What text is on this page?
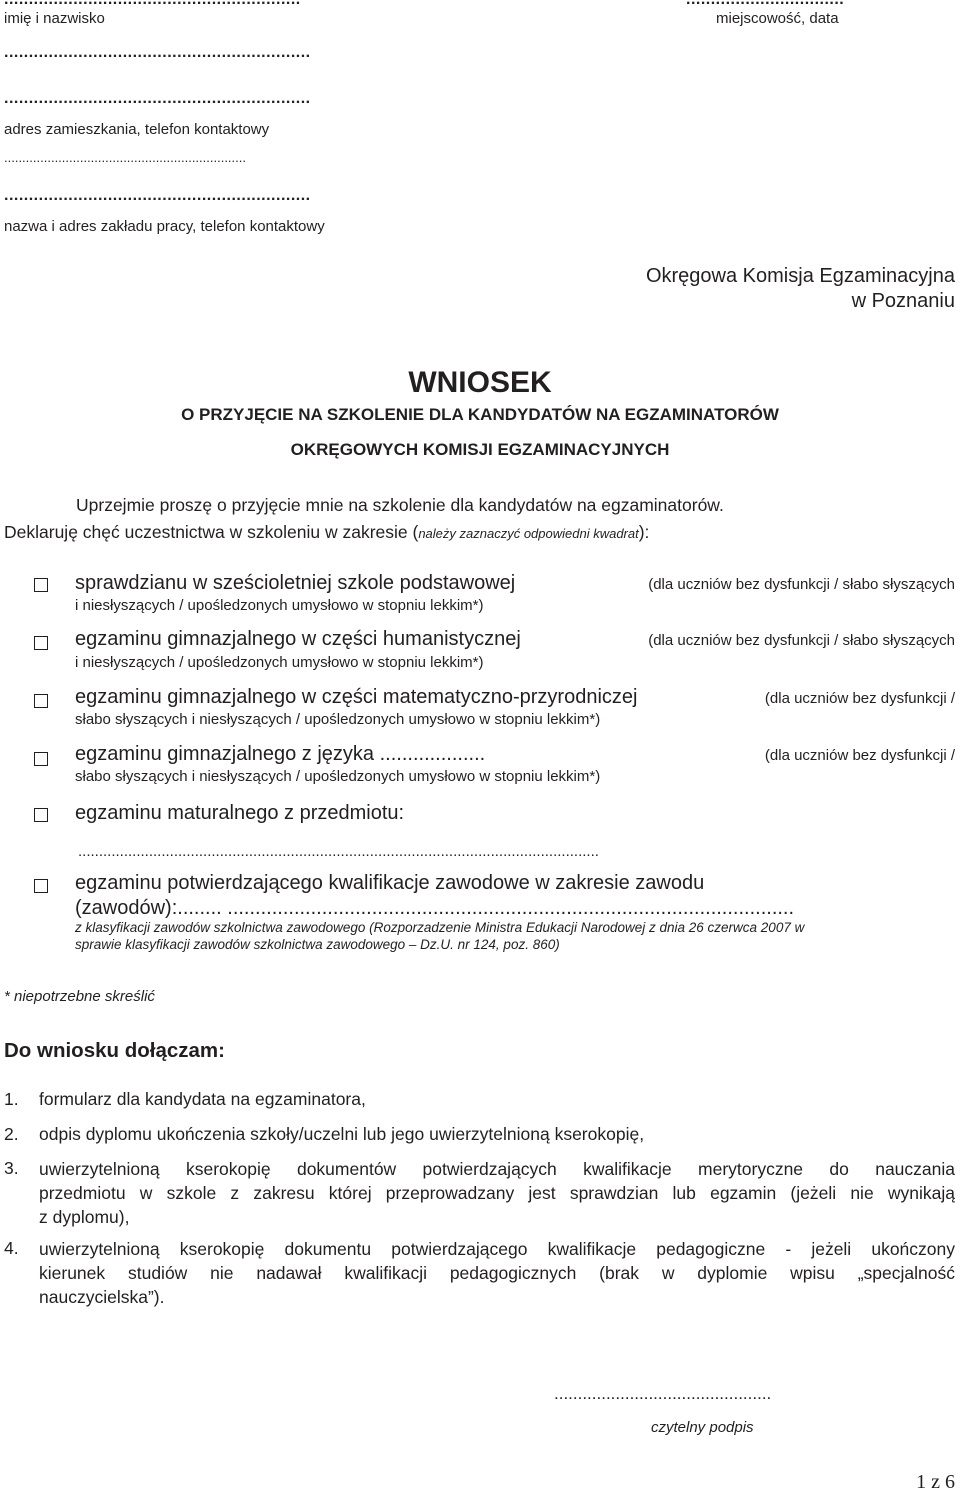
imię i nazwisko	miejscowość, data
..............................................................
..............................................................
adres zamieszkania, telefon kontaktowy
...................................................................
..............................................................
nazwa i adres zakładu pracy, telefon kontaktowy
Okręgowa Komisja Egzaminacyjna
w Poznaniu
WNIOSEK
O PRZYJĘCIE NA SZKOLENIE DLA KANDYDATÓW NA EGZAMINATORÓW
OKRĘGOWYCH KOMISJI EGZAMINACYJNYCH
Uprzejmie proszę o przyjęcie mnie na szkolenie dla kandydatów na egzaminatorów.
Deklaruję chęć uczestnictwa w szkoleniu w zakresie (należy zaznaczyć odpowiedni kwadrat):
sprawdzianu w sześcioletniej szkole podstawowej	(dla uczniów bez dysfunkcji / słabo słyszących
i niesłyszących / upośledzonych umysłowo w stopniu lekkim*)
egzaminu gimnazjalnego w części humanistycznej	(dla uczniów bez dysfunkcji / słabo słyszących
i niesłyszących / upośledzonych umysłowo w stopniu lekkim*)
egzaminu gimnazjalnego w części matematyczno-przyrodniczej	(dla uczniów bez dysfunkcji /
słabo słyszących i niesłyszących / upośledzonych umysłowo w stopniu lekkim*)
egzaminu gimnazjalnego z języka ...................	(dla uczniów bez dysfunkcji /
słabo słyszących i niesłyszących / upośledzonych umysłowo w stopniu lekkim*)
egzaminu maturalnego z przedmiotu:
.............................................................................................................................
egzaminu potwierdzającego kwalifikacje zawodowe w zakresie zawodu
(zawodów):........ ......................................................................................................
z klasyfikacji zawodów szkolnictwa zawodowego (Rozporzadzenie Ministra Edukacji Narodowej z dnia 26 czerwca 2007 w
sprawie klasyfikacji zawodów szkolnictwa zawodowego – Dz.U. nr 124, poz. 860)
* niepotrzebne skreślić
Do wniosku dołączam:
1. formularz dla kandydata na egzaminatora,
2. odpis dyplomu ukończenia szkoły/uczelni lub jego uwierzytelnioną kserokopię,
3. uwierzytelnioną kserokopię dokumentów potwierdzających kwalifikacje merytoryczne do nauczania
przedmiotu w szkole z zakresu której przeprowadzany jest sprawdzian lub egzamin (jeżeli nie wynikają
z dyplomu),
4. uwierzytelnioną kserokopię dokumentu potwierdzającego kwalifikacje pedagogiczne - jeżeli ukończony
kierunek studiów nie nadawał kwalifikacji pedagogicznych (brak w dyplomie wpisu „specjalność
nauczycielska”).
..............................................
czytelny podpis
1 z 6
